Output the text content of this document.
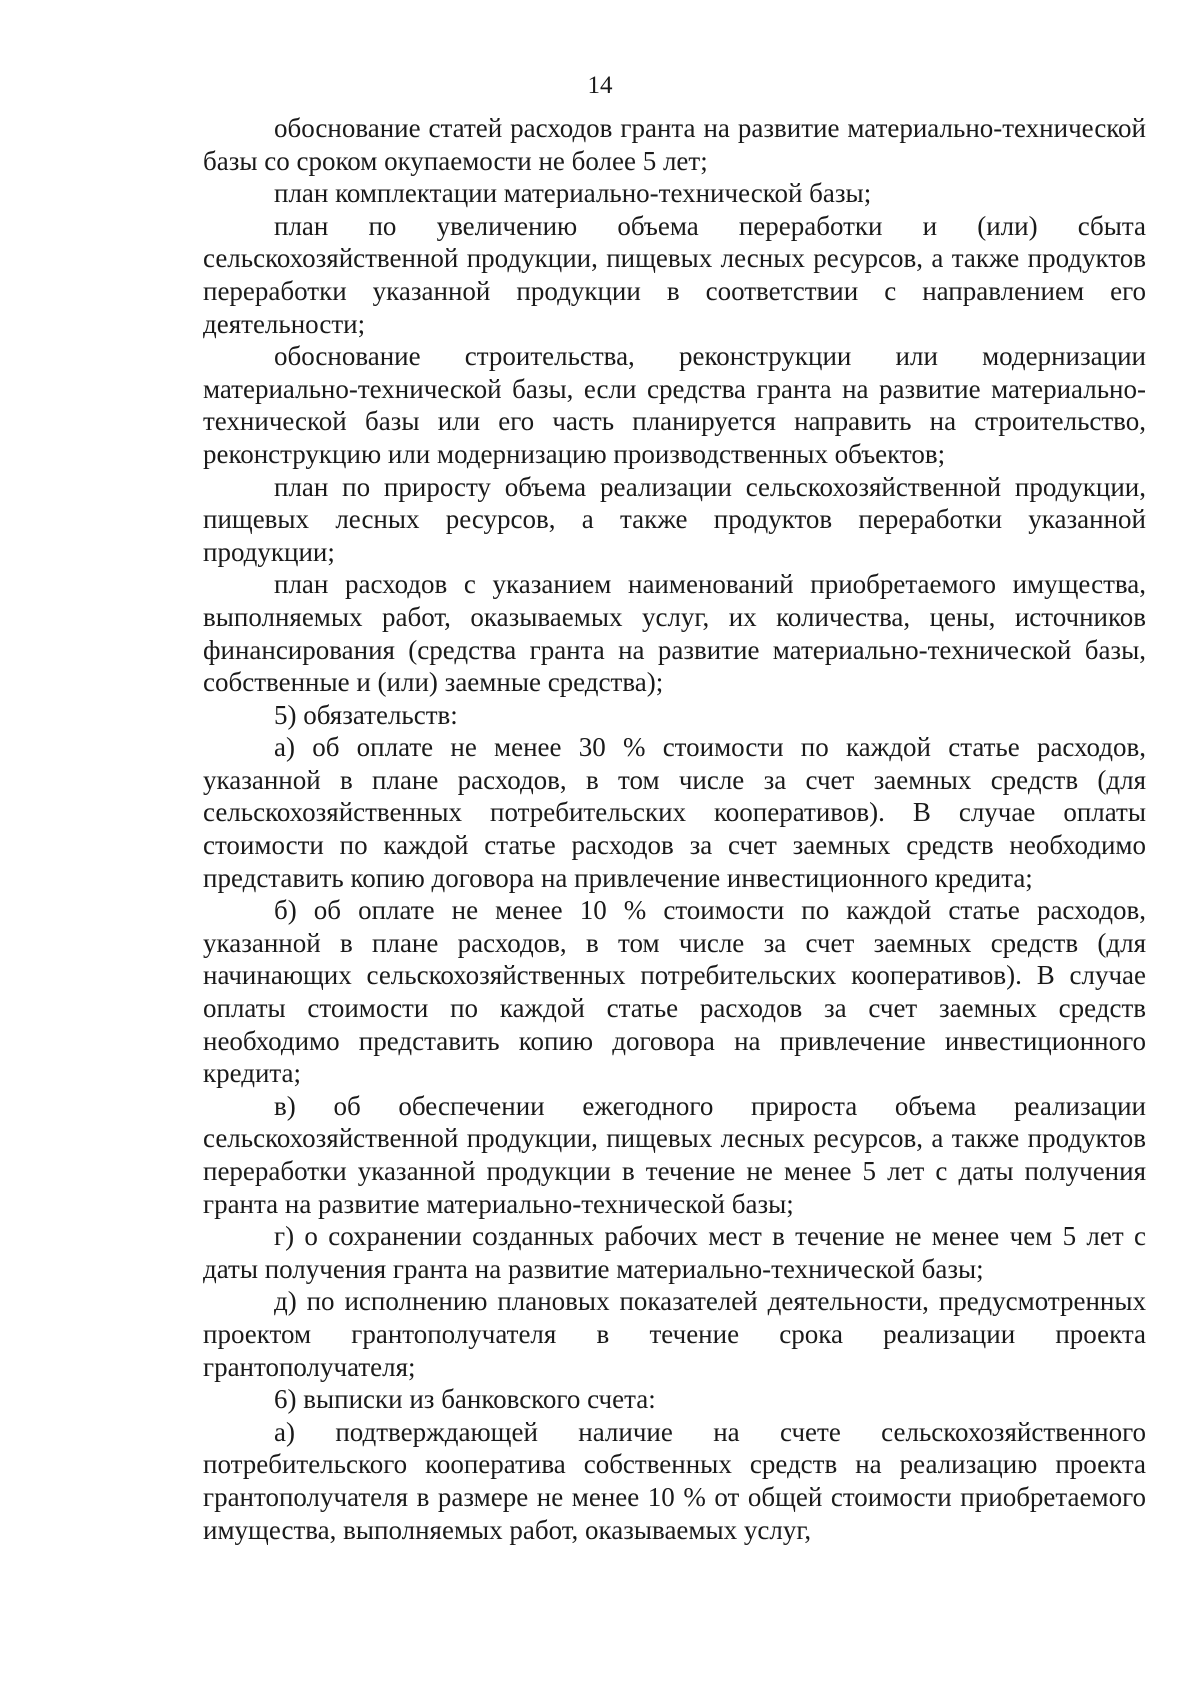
14

обоснование статей расходов гранта на развитие материально-технической базы со сроком окупаемости не более 5 лет;

план комплектации материально-технической базы;

план по увеличению объема переработки и (или) сбыта сельскохозяйственной продукции, пищевых лесных ресурсов, а также продуктов переработки указанной продукции в соответствии с направлением его деятельности;

обоснование строительства, реконструкции или модернизации материально-технической базы, если средства гранта на развитие материально-технической базы или его часть планируется направить на строительство, реконструкцию или модернизацию производственных объектов;

план по приросту объема реализации сельскохозяйственной продукции, пищевых лесных ресурсов, а также продуктов переработки указанной продукции;

план расходов с указанием наименований приобретаемого имущества, выполняемых работ, оказываемых услуг, их количества, цены, источников финансирования (средства гранта на развитие материально-технической базы, собственные и (или) заемные средства);

5) обязательств:

а) об оплате не менее 30 % стоимости по каждой статье расходов, указанной в плане расходов, в том числе за счет заемных средств (для сельскохозяйственных потребительских кооперативов). В случае оплаты стоимости по каждой статье расходов за счет заемных средств необходимо представить копию договора на привлечение инвестиционного кредита;

б) об оплате не менее 10 % стоимости по каждой статье расходов, указанной в плане расходов, в том числе за счет заемных средств (для начинающих сельскохозяйственных потребительских кооперативов). В случае оплаты стоимости по каждой статье расходов за счет заемных средств необходимо представить копию договора на привлечение инвестиционного кредита;

в) об обеспечении ежегодного прироста объема реализации сельскохозяйственной продукции, пищевых лесных ресурсов, а также продуктов переработки указанной продукции в течение не менее 5 лет с даты получения гранта на развитие материально-технической базы;

г) о сохранении созданных рабочих мест в течение не менее чем 5 лет с даты получения гранта на развитие материально-технической базы;

д) по исполнению плановых показателей деятельности, предусмотренных проектом грантополучателя в течение срока реализации проекта грантополучателя;

6) выписки из банковского счета:

а) подтверждающей наличие на счете сельскохозяйственного потребительского кооператива собственных средств на реализацию проекта грантополучателя в размере не менее 10 % от общей стоимости приобретаемого имущества, выполняемых работ, оказываемых услуг,
